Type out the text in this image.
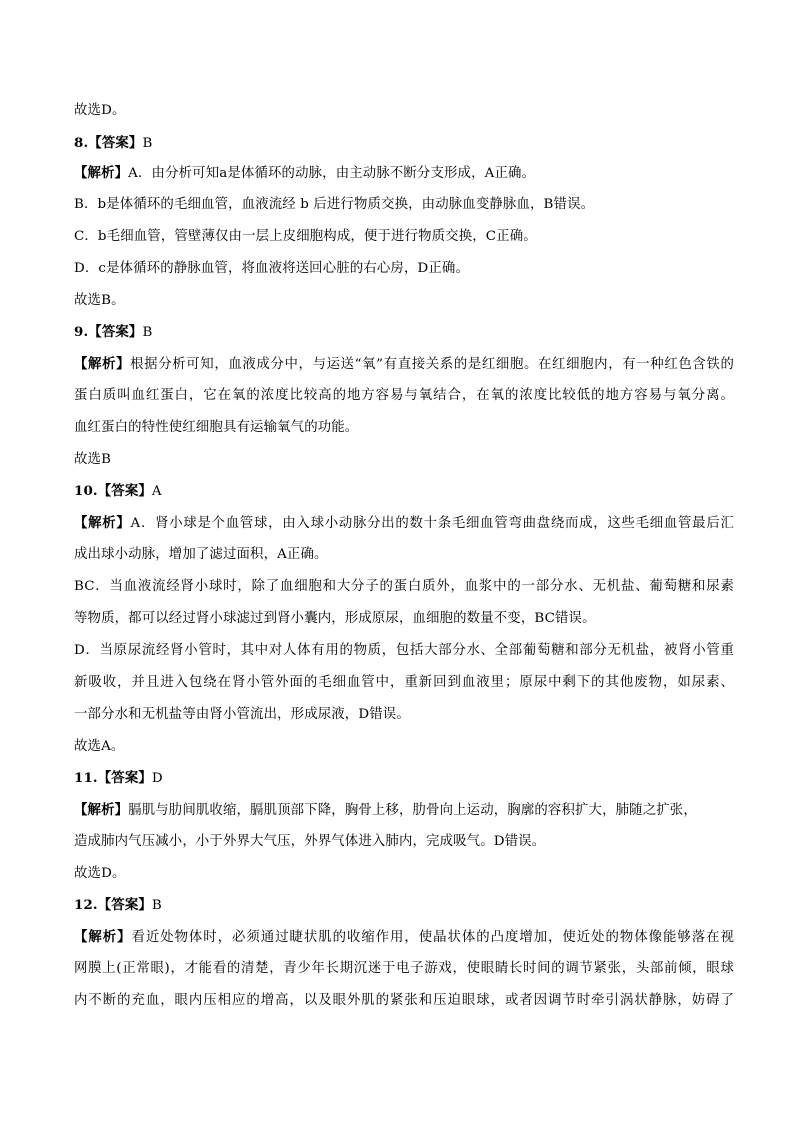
故选D。
8.【答案】B
【解析】A．由分析可知a是体循环的动脉，由主动脉不断分支形成，A正确。
B．b是体循环的毛细血管，血液流经 b 后进行物质交换，由动脉血变静脉血，B错误。
C．b毛细血管，管壁薄仅由一层上皮细胞构成，便于进行物质交换，C正确。
D．c是体循环的静脉血管，将血液将送回心脏的右心房，D正确。
故选B。
9.【答案】B
【解析】根据分析可知，血液成分中，与运送“氧”有直接关系的是红细胞。在红细胞内，有一种红色含铁的
蛋白质叫血红蛋白，它在氧的浓度比较高的地方容易与氧结合，在氧的浓度比较低的地方容易与氧分离。
血红蛋白的特性使红细胞具有运输氧气的功能。
故选B
10.【答案】A
【解析】A．肾小球是个血管球，由入球小动脉分出的数十条毛细血管弯曲盘绕而成，这些毛细血管最后汇
成出球小动脉，增加了滤过面积，A正确。
BC．当血液流经肾小球时，除了血细胞和大分子的蛋白质外，血浆中的一部分水、无机盐、葡萄糖和尿素
等物质，都可以经过肾小球滤过到肾小囊内，形成原尿，血细胞的数量不变，BC错误。
D．当原尿流经肾小管时，其中对人体有用的物质，包括大部分水、全部葡萄糖和部分无机盐，被肾小管重
新吸收，并且进入包绕在肾小管外面的毛细血管中，重新回到血液里；原尿中剩下的其他废物，如尿素、
一部分水和无机盐等由肾小管流出，形成尿液，D错误。
故选A。
11.【答案】D
【解析】膈肌与肋间肌收缩，膈肌顶部下降，胸骨上移，肋骨向上运动，胸廓的容积扩大，肺随之扩张，
造成肺内气压减小，小于外界大气压，外界气体进入肺内，完成吸气。D错误。
故选D。
12.【答案】B
【解析】看近处物体时，必须通过睫状肌的收缩作用，使晶状体的凸度增加，使近处的物体像能够落在视
网膜上(正常眼)，才能看的清楚，青少年长期沉迷于电子游戏，使眼睛长时间的调节紧张，头部前倾，眼球
内不断的充血，眼内压相应的增高，以及眼外肌的紧张和压迫眼球，或者因调节时牵引涡状静脉，妨碍了
